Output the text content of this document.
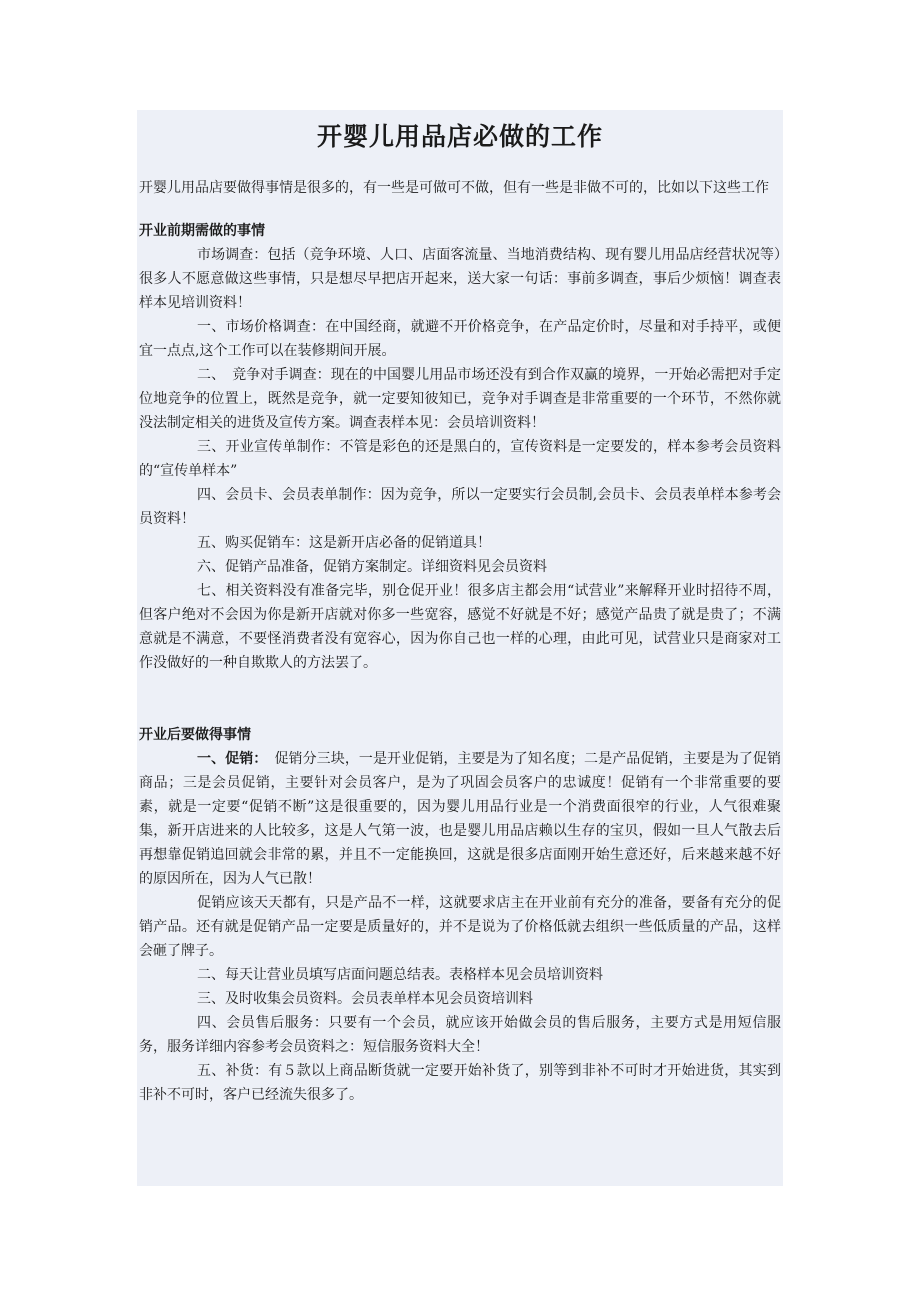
开婴儿用品店必做的工作

开婴儿用品店要做得事情是很多的，有一些是可做可不做，但有一些是非做不可的，比如以下这些工作

开业前期需做的事情

市场调查：包括（竞争环境、人口、店面客流量、当地消费结构、现有婴儿用品店经营状况等）很多人不愿意做这些事情，只是想尽早把店开起来，送大家一句话：事前多调查，事后少烦恼！调查表样本见培训资料！

一、市场价格调查：在中国经商，就避不开价格竞争，在产品定价时，尽量和对手持平，或便宜一点点,这个工作可以在装修期间开展。

二、　竞争对手调查：现在的中国婴儿用品市场还没有到合作双赢的境界，一开始必需把对手定位地竞争的位置上，既然是竞争，就一定要知彼知已，竞争对手调查是非常重要的一个环节，不然你就没法制定相关的进货及宣传方案。调查表样本见：会员培训资料！

三、开业宣传单制作：不管是彩色的还是黑白的，宣传资料是一定要发的，样本参考会员资料的“宣传单样本”

四、会员卡、会员表单制作：因为竞争，所以一定要实行会员制,会员卡、会员表单样本参考会员资料！

五、购买促销车：这是新开店必备的促销道具！

六、促销产品准备，促销方案制定。详细资料见会员资料

七、相关资料没有准备完毕，别仓促开业！很多店主都会用“试营业”来解释开业时招待不周，但客户绝对不会因为你是新开店就对你多一些宽容，感觉不好就是不好；感觉产品贵了就是贵了；不满意就是不满意，不要怪消费者没有宽容心，因为你自己也一样的心理，由此可见，试营业只是商家对工作没做好的一种自欺欺人的方法罢了。

开业后要做得事情

一、促销：　促销分三块，一是开业促销，主要是为了知名度；二是产品促销，主要是为了促销商品；三是会员促销，主要针对会员客户，是为了巩固会员客户的忠诚度！促销有一个非常重要的要素，就是一定要“促销不断”这是很重要的，因为婴儿用品行业是一个消费面很窄的行业，人气很难聚集，新开店进来的人比较多，这是人气第一波，也是婴儿用品店赖以生存的宝贝，假如一旦人气散去后再想靠促销追回就会非常的累，并且不一定能换回，这就是很多店面刚开始生意还好，后来越来越不好的原因所在，因为人气已散！

促销应该天天都有，只是产品不一样，这就要求店主在开业前有充分的准备，要备有充分的促销产品。还有就是促销产品一定要是质量好的，并不是说为了价格低就去组织一些低质量的产品，这样会砸了牌子。

二、每天让营业员填写店面问题总结表。表格样本见会员培训资料

三、及时收集会员资料。会员表单样本见会员资培训料

四、会员售后服务：只要有一个会员，就应该开始做会员的售后服务，主要方式是用短信服务，服务详细内容参考会员资料之：短信服务资料大全！

五、补货：有５款以上商品断货就一定要开始补货了，别等到非补不可时才开始进货，其实到非补不可时，客户已经流失很多了。
